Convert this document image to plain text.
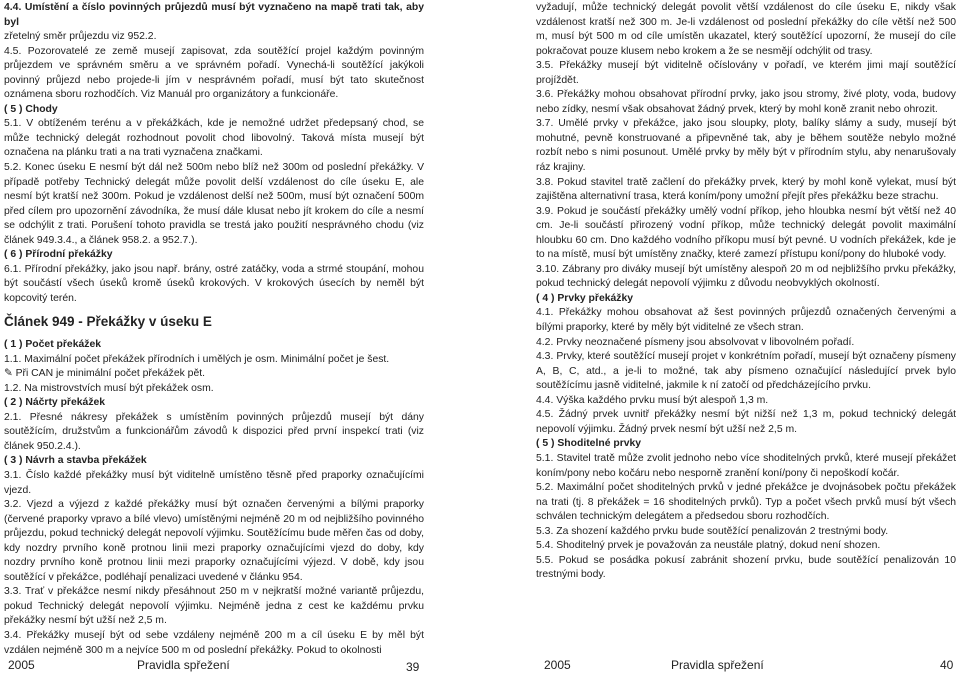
4.4. Umístění a číslo povinných průjezdů musí být vyznačeno na mapě trati tak, aby byl

zřetelný směr průjezdu viz 952.2.

4.5. Pozorovatelé ze země musejí zapisovat, zda soutěžící projel každým povinným průjezdem ve správném směru a ve správném pořadí. Vynechá-li soutěžící jakýkoli povinný průjezd nebo projede-li jím v nesprávném pořadí, musí být tato skutečnost oznámena sboru rozhodčích. Viz Manuál pro organizátory a funkcionáře.

( 5 ) Chody

5.1. V obtíženém terénu a v překážkách, kde je nemožné udržet předepsaný chod, se může technický delegát rozhodnout povolit chod libovolný. Taková místa musejí být označena na plánku trati a na trati vyznačena značkami.

5.2. Konec úseku E nesmí být dál než 500m nebo blíž než 300m od poslední překážky. V případě potřeby Technický delegát může povolit delší vzdálenost do cíle úseku E, ale nesmí být kratší než 300m. Pokud je vzdálenost delší než 500m, musí být označení 500m před cílem pro upozornění závodníka, že musí dále klusat nebo jít krokem do cíle a nesmí se odchýlit z trati. Porušení tohoto pravidla se trestá jako použití nesprávného chodu (viz článek 949.3.4., a článek 958.2. a 952.7.).

( 6 ) Přírodní překážky

6.1. Přírodní překážky, jako jsou např. brány, ostré zatáčky, voda a strmé stoupání, mohou být součástí všech úseků kromě úseků krokových. V krokových úsecích by neměl být kopcovitý terén.

Článek 949 - Překážky v úseku E

( 1 ) Počet překážek

1.1. Maximální počet překážek přírodních i umělých je osm. Minimální počet je šest.

✎ Při CAN je minimální počet překážek pět.

1.2. Na mistrovstvích musí být překážek osm.

( 2 ) Náčrty překážek

2.1. Přesné nákresy překážek s umístěním povinných průjezdů musejí být dány soutěžícím, družstvům a funkcionářům závodů k dispozici před první inspekcí trati (viz článek 950.2.4.).

( 3 ) Návrh a stavba překážek

3.1. Číslo každé překážky musí být viditelně umístěno těsně před praporky označujícími vjezd.

3.2. Vjezd a výjezd z každé překážky musí být označen červenými a bílými praporky (červené praporky vpravo a bílé vlevo) umístěnými nejméně 20 m od nejbližšího povinného průjezdu, pokud technický delegát nepovolí výjimku. Soutěžícímu bude měřen čas od doby, kdy nozdry prvního koně protnou linii mezi praporky označujícími vjezd do doby, kdy nozdry prvního koně protnou linii mezi praporky označujícími výjezd. V době, kdy jsou soutěžící v překážce, podléhají penalizaci uvedené v článku 954.

3.3. Trať v překážce nesmí nikdy přesáhnout 250 m v nejkratší možné variantě průjezdu, pokud Technický delegát nepovolí výjimku. Nejméně jedna z cest ke každému prvku překážky nesmí být užší než 2,5 m.

3.4. Překážky musejí být od sebe vzdáleny nejméně 200 m a cíl úseku E by měl být vzdálen nejméně 300 m a nejvíce 500 m od poslední překážky. Pokud to okolnosti

2005	Pravidla spřežení	39

vyžadují, může technický delegát povolit větší vzdálenost do cíle úseku E, nikdy však vzdálenost kratší než 300 m. Je-li vzdálenost od poslední překážky do cíle větší než 500 m, musí být 500 m od cíle umístěn ukazatel, který soutěžící upozorní, že musejí do cíle pokračovat pouze klusem nebo krokem a že se nesmějí odchýlit od trasy.

3.5. Překážky musejí být viditelně očíslovány v pořadí, ve kterém jimi mají soutěžící projíždět.

3.6. Překážky mohou obsahovat přírodní prvky, jako jsou stromy, živé ploty, voda, budovy nebo zídky, nesmí však obsahovat žádný prvek, který by mohl koně zranit nebo ohrozit.

3.7. Umělé prvky v překážce, jako jsou sloupky, ploty, balíky slámy a sudy, musejí být mohutné, pevně konstruované a připevněné tak, aby je během soutěže nebylo možné rozbít nebo s nimi posunout. Umělé prvky by měly být v přírodním stylu, aby nenarušovaly ráz krajiny.

3.8. Pokud stavitel tratě začlení do překážky prvek, který by mohl koně vylekat, musí být zajištěna alternativní trasa, která koním/pony umožní přejít přes překážku beze strachu.

3.9. Pokud je součástí překážky umělý vodní příkop, jeho hloubka nesmí být větší než 40 cm. Je-li součástí přirozený vodní příkop, může technický delegát povolit maximální hloubku 60 cm. Dno každého vodního příkopu musí být pevné. U vodních překážek, kde je to na místě, musí být umístěny značky, které zamezí přístupu koní/pony do hluboké vody.

3.10. Zábrany pro diváky musejí být umístěny alespoň 20 m od nejbližšího prvku překážky, pokud technický delegát nepovolí výjimku z důvodu neobvyklých okolností.

( 4 ) Prvky překážky

4.1. Překážky mohou obsahovat až šest povinných průjezdů označených červenými a bílými praporky, které by měly být viditelné ze všech stran.

4.2. Prvky neoznačené písmeny jsou absolvovat v libovolném pořadí.

4.3. Prvky, které soutěžící musejí projet v konkrétním pořadí, musejí být označeny písmeny A, B, C, atd., a je-li to možné, tak aby písmeno označující následující prvek bylo soutěžícímu jasně viditelné, jakmile k ní zatočí od předcházejícího prvku.

4.4. Výška každého prvku musí být alespoň 1,3 m.

4.5. Žádný prvek uvnitř překážky nesmí být nižší než 1,3 m, pokud technický delegát nepovolí výjimku. Žádný prvek nesmí být užší než 2,5 m.

( 5 ) Shoditelné prvky

5.1. Stavitel tratě může zvolit jednoho nebo více shoditelných prvků, které musejí překážet koním/pony nebo kočáru nebo nesporně zranění koní/pony či nepoškodí kočár.

5.2. Maximální počet shoditelných prvků v jedné překážce je dvojnásobek počtu překážek na trati (tj. 8 překážek = 16 shoditelných prvků). Typ a počet všech prvků musí být všech schválen technickým delegátem a předsedou sboru rozhodčích.

5.3. Za shození každého prvku bude soutěžící penalizován 2 trestnými body.

5.4. Shoditelný prvek je považován za neustále platný, dokud není shozen.

5.5. Pokud se posádka pokusí zabránit shození prvku, bude soutěžící penalizován 10 trestnými body.

2005	Pravidla spřežení	40
